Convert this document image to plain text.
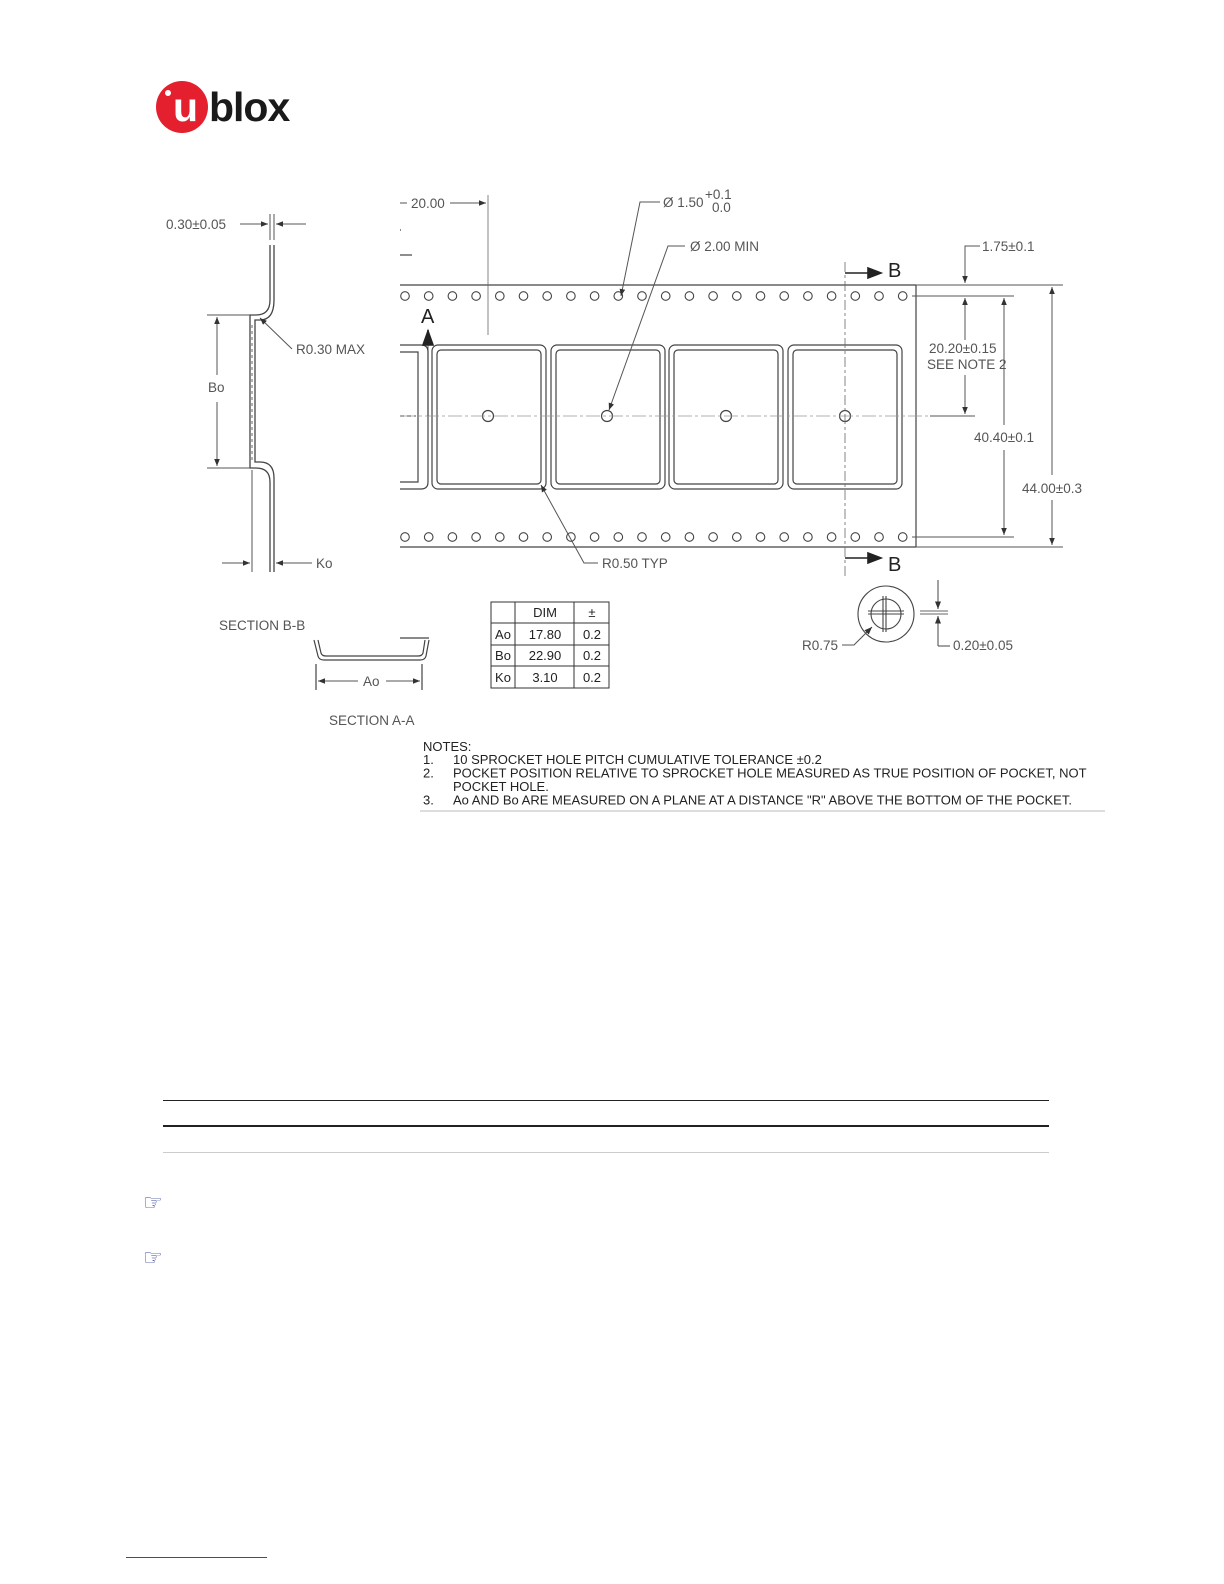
u blox
0.30±0.05
R0.30 MAX
Bo
Ko
20.00	Ø 1.50
+0.1
0.0
Ø 2.00 MIN	1.75±0.1
20.20±0.15
SEE NOTE 2
40.40±0.1
44.00±0.3
R0.50 TYP
B
B
A
SECTION B-B
Ao
SECTION A-A
DIM ±
Ao 17.80 0.2
Bo 22.90 0.2
Ko 3.10 0.2
R0.75	0.20±0.05
NOTES:
1. 10 SPROCKET HOLE PITCH CUMULATIVE TOLERANCE ±0.2
2. POCKET POSITION RELATIVE TO SPROCKET HOLE MEASURED AS TRUE POSITION OF POCKET, NOT
POCKET HOLE.
3. Ao AND Bo ARE MEASURED ON A PLANE AT A DISTANCE "R" ABOVE THE BOTTOM OF THE POCKET.
☞
☞
